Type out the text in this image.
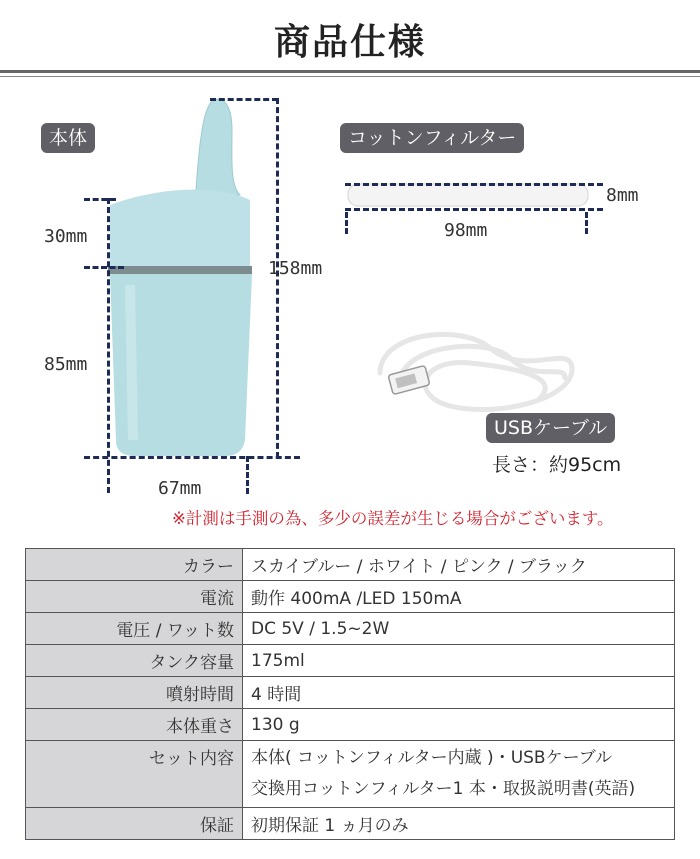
商品仕様
本体
30mm
85mm
158mm
67mm
コットンフィルター
8mm
98mm
USBケーブル
長さ：約95cm
※計測は手測の為、多少の誤差が生じる場合がございます。
カラー	スカイブルー / ホワイト / ピンク / ブラック
電流	動作 400mA /LED 150mA
電圧 / ワット数	DC 5V / 1.5~2W
タンク容量	175ml
噴射時間	4 時間
本体重さ	130 g
セット内容	本体( コットンフィルター内蔵 )・USBケーブル
交換用コットンフィルター1 本・取扱説明書(英語)

保証	初期保証 1 ヵ月のみ
